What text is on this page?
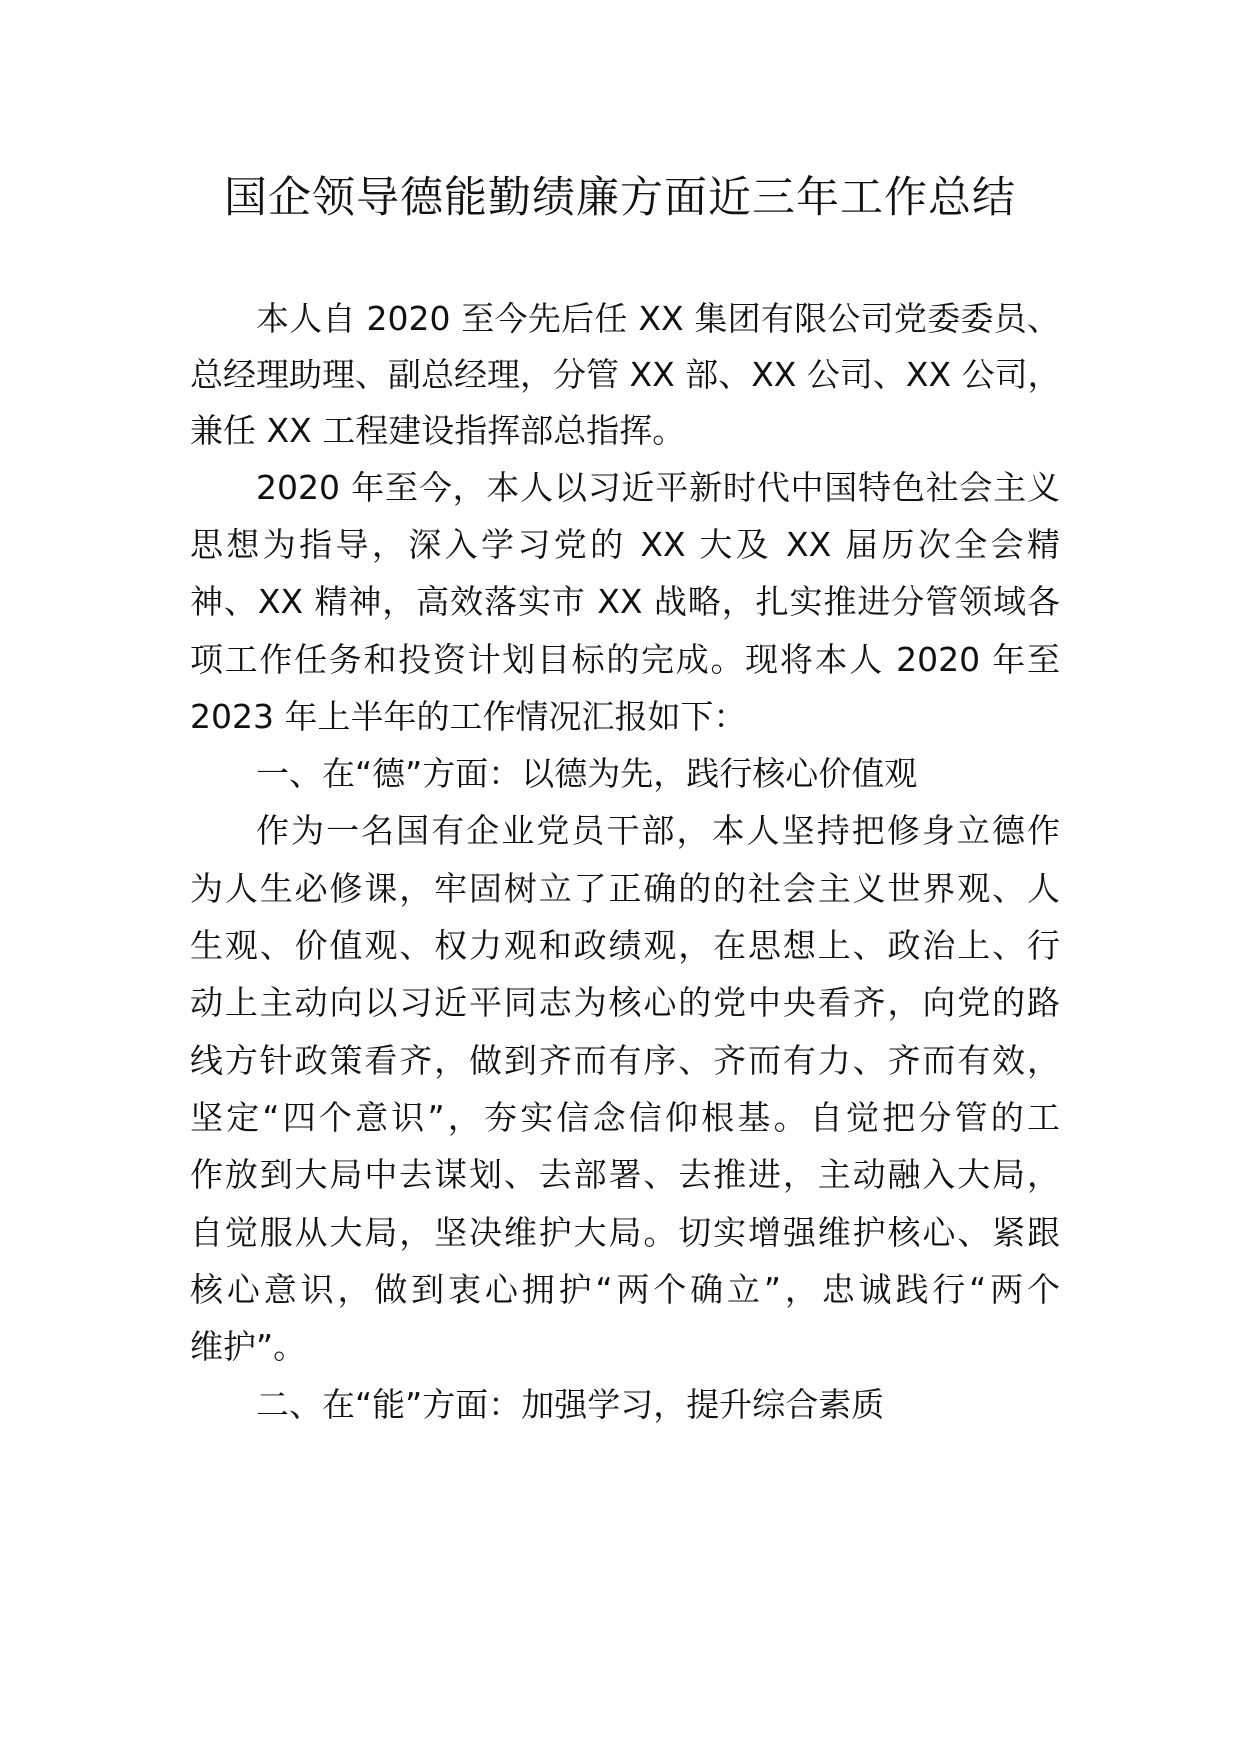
国企领导德能勤绩廉方面近三年工作总结
本人自 2020 至今先后任 XX 集团有限公司党委委员、
总经理助理、副总经理，分管 XX 部、XX 公司、XX 公司，
兼任 XX 工程建设指挥部总指挥。
2020 年至今，本人以习近平新时代中国特色社会主义
思想为指导，深入学习党的 XX 大及 XX 届历次全会精
神、XX 精神，高效落实市 XX 战略，扎实推进分管领域各
项工作任务和投资计划目标的完成。现将本人 2020 年至
2023 年上半年的工作情况汇报如下：
一、在“德”方面：以德为先，践行核心价值观
作为一名国有企业党员干部，本人坚持把修身立德作
为人生必修课，牢固树立了正确的的社会主义世界观、人
生观、价值观、权力观和政绩观，在思想上、政治上、行
动上主动向以习近平同志为核心的党中央看齐，向党的路
线方针政策看齐，做到齐而有序、齐而有力、齐而有效，
坚定“四个意识”，夯实信念信仰根基。自觉把分管的工
作放到大局中去谋划、去部署、去推进，主动融入大局，
自觉服从大局，坚决维护大局。切实增强维护核心、紧跟
核心意识，做到衷心拥护“两个确立”，忠诚践行“两个
维护”。
二、在“能”方面：加强学习，提升综合素质
